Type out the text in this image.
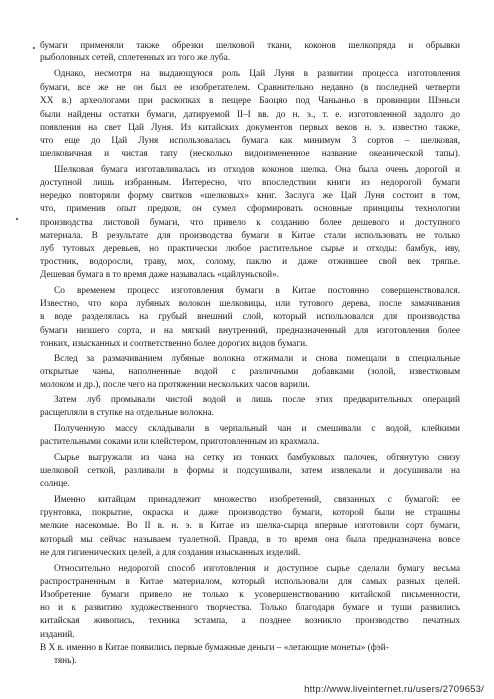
бумаги применяли также обрезки шелковой ткани, коконов шелкопряда и обрывки
рыболовных сетей, сплетенных из того же луба.
Однако, несмотря на выдающуюся роль Цай Луня в развитии процесса изготовления
бумаги, все же не он был ее изобретателем. Сравнительно недавно (в последней четверти
XX в.) археологами при раскопках в пещере Баоцяо под Чаньаньо в провинции Шэньси
были найдены остатки бумаги, датируемой II–I вв. до н. э., т. е. изготовленной задолго до
появления на свет Цай Луня. Из китайских документов первых веков н. э. известно также,
что еще до Цай Луня использовалась бумага как минимум 3 сортов – шелковая,
шелковичная и чистая тапу (несколько видоизмененное название океанической тапы).
Шелковая бумага изготавливалась из отходов коконов шелка. Она была очень дорогой и
доступной лишь избранным. Интересно, что впоследствии книги из недорогой бумаги
нередко повторяли форму свитков «шелковых» книг. Заслуга же Цай Луня состоит в том,
что, применив опыт предков, он сумел сформировать основные принципы технологии
производства листовой бумаги, что привело к созданию более дешевого и доступного
материала. В результате для производства бумаги в Китае стали использовать не только
луб тутовых деревьев, но практически любое растительное сырье и отходы: бамбук, иву,
тростник, водоросли, траву, мох, солому, паклю и даже отжившее свой век тряпье.
Дешевая бумага в то время даже называлась «цайлуньской».
Со временем процесс изготовления бумаги в Китае постоянно совершенствовался.
Известно, что кора лубяных волокон шелковицы, или тутового дерева, после замачивания
в воде разделялась на грубый внешний слой, который использовался для производства
бумаги низшего сорта, и на мягкий внутренний, предназначенный для изготовления более
тонких, изысканных и соответственно более дорогих видов бумаги.
Вслед за размачиванием лубяные волокна отжимали и снова помещали в специальные
открытые чаны, наполненные водой с различными добавками (золой, известковым
молоком и др.), после чего на протяжении нескольких часов варили.
Затем луб промывали чистой водой и лишь после этих предварительных операций
расщепляли в ступке на отдельные волокна.
Полученную массу складывали в черпальный чан и смешивали с водой, клейкими
растительными соками или клейстером, приготовленным из крахмала.
Сырье выгружали из чана на сетку из тонких бамбуковых палочек, обтянутую снизу
шелковой сеткой, разливали в формы и подсушивали, затем извлекали и досушивали на
солнце.
Именно китайцам принадлежит множество изобретений, связанных с бумагой: ее
грунтовка, покрытие, окраска и даже производство бумаги, которой были не страшны
мелкие насекомые. Во II в. н. э. в Китае из шелка-сырца впервые изготовили сорт бумаги,
который мы сейчас называем туалетной. Правда, в то время она была предназначена вовсе
не для гигиенических целей, а для создания изысканных изделий.
Относительно недорогой способ изготовления и доступное сырье сделали бумагу весьма
распространенным в Китае материалом, который использовали для самых разных целей.
Изобретение бумаги привело не только к усовершенствованию китайской письменности,
но и к развитию художественного творчества. Только благодаря бумаге и туши развились
китайская живопись, техника эстампа, а позднее возникло производство печатных
изданий.
В X в. именно в Китае появились первые бумажные деньги – «летающие монеты» (фэй-
тянь).
http://www.liveinternet.ru/users/2709653/
